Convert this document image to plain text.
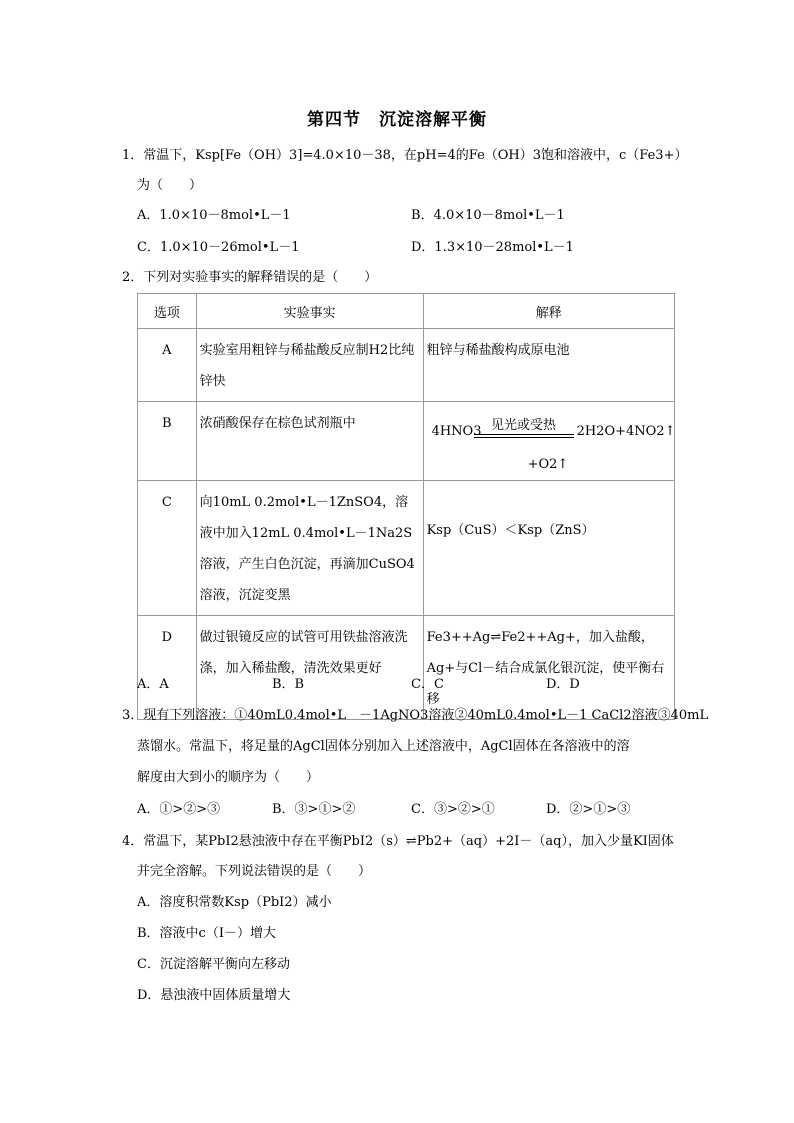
第四节　沉淀溶解平衡
1．常温下，Ksp[Fe（OH）3]=4.0×10－38，在pH=4的Fe（OH）3饱和溶液中，c（Fe3+）
为（　　）
A．1.0×10－8mol•L－1	B．4.0×10－8mol•L－1
C．1.0×10－26mol•L－1	D．1.3×10－28mol•L－1
2．下列对实验事实的解释错误的是（　　）
选项	实验事实	解释

A	实验室用粗锌与稀盐酸反应制H2比纯锌快	粗锌与稀盐酸构成原电池

B	浓硝酸保存在棕色试剂瓶中	4HNO3 见光或受热 2H2O+4NO2↑
+O2↑

C	向10mL 0.2mol•L－1ZnSO4，溶液中加入12mL 0.4mol•L－1Na2S溶液，产生白色沉淀，再滴加CuSO4溶液，沉淀变黑	Ksp（CuS）＜Ksp（ZnS）

D	做过银镜反应的试管可用铁盐溶液洗涤，加入稀盐酸，清洗效果更好	Fe3++Ag⇌Fe2++Ag+，加入盐酸，Ag+与Cl－结合成氯化银沉淀，使平衡右移
A．A	B．B	C．C	D．D
3．现有下列溶液：①40mL0.4mol•L　－1AgNO3溶液②40mL0.4mol•L－1 CaCl2溶液③40mL
蒸馏水。常温下，将足量的AgCl固体分别加入上述溶液中，AgCl固体在各溶液中的溶
解度由大到小的顺序为（　　）
A．①>②>③	B．③>①>②	C．③>②>①	D．②>①>③
4．常温下，某PbI2悬浊液中存在平衡PbI2（s）⇌Pb2+（aq）+2I－（aq），加入少量KI固体
并完全溶解。下列说法错误的是（　　）
A．溶度积常数Ksp（PbI2）减小
B．溶液中c（I－）增大
C．沉淀溶解平衡向左移动
D．悬浊液中固体质量增大
